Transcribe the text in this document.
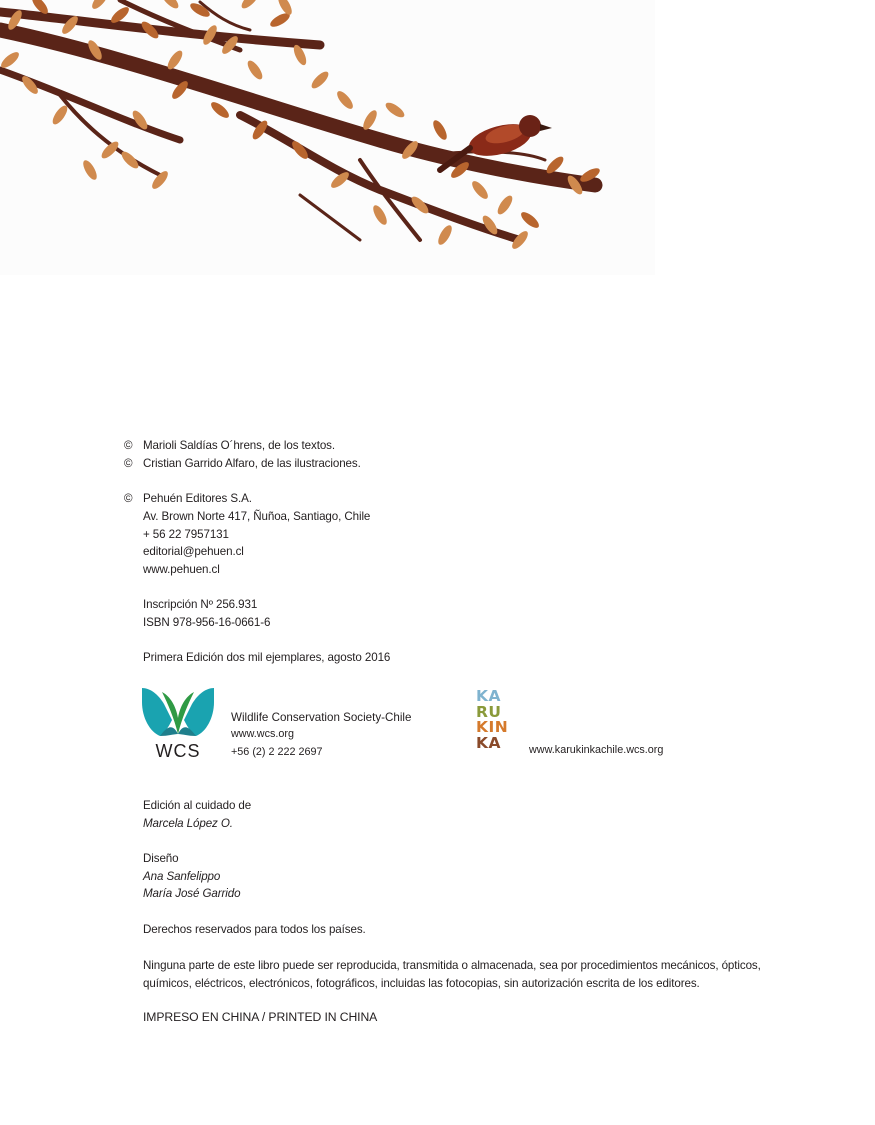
© Marioli Saldías O´hrens, de los textos.
© Cristian Garrido Alfaro, de las ilustraciones.
© Pehuén Editores S.A.
Av. Brown Norte 417, Ñuñoa, Santiago, Chile
+ 56 22 7957131
editorial@pehuen.cl
www.pehuen.cl
Inscripción Nº 256.931
ISBN 978-956-16-0661-6
Primera Edición dos mil ejemplares, agosto 2016
WCS
Wildlife Conservation Society-Chile
www.wcs.org
+56 (2) 2 222 2697
KA
RU
KIN
KA	www.karukinkachile.wcs.org
Edición al cuidado de
Marcela López O.
Diseño
Ana Sanfelippo
María José Garrido
Derechos reservados para todos los países.
Ninguna parte de este libro puede ser reproducida, transmitida o almacenada, sea por procedimientos mecánicos, ópticos,
químicos, eléctricos, electrónicos, fotográficos, incluidas las fotocopias, sin autorización escrita de los editores.
IMPRESO EN CHINA / PRINTED IN CHINA
